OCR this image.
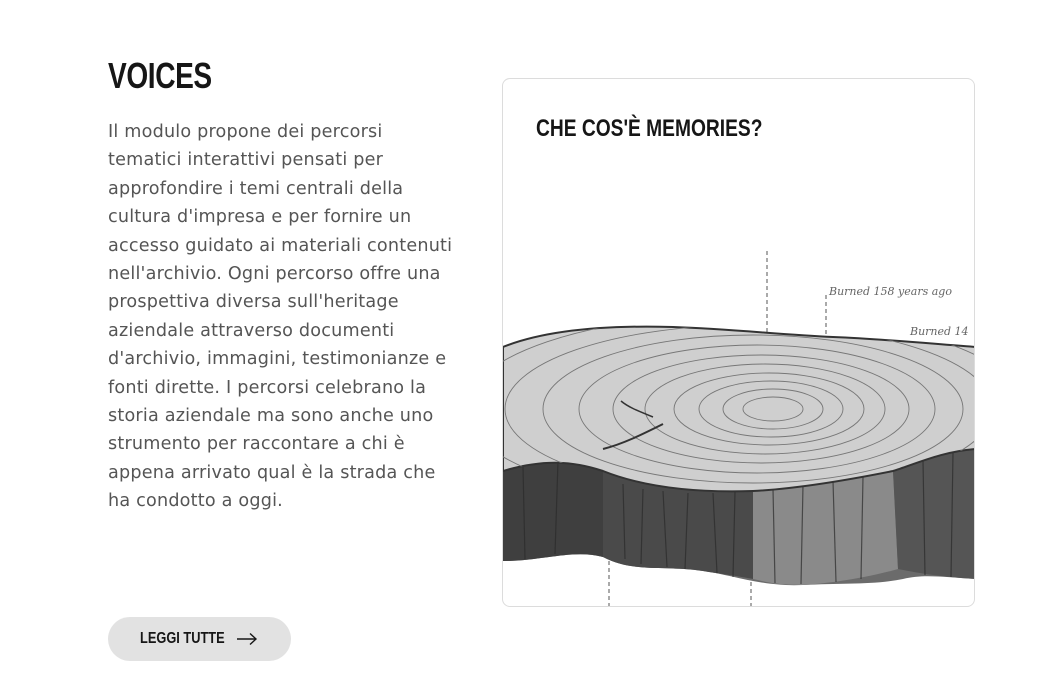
VOICES

Il modulo propone dei percorsi tematici interattivi pensati per approfondire i temi centrali della cultura d'impresa e per fornire un accesso guidato ai materiali contenuti nell'archivio. Ogni percorso offre una prospettiva diversa sull'heritage aziendale attraverso documenti d'archivio, immagini, testimonianze e fonti dirette. I percorsi celebrano la storia aziendale ma sono anche uno strumento per raccontare a chi è appena arrivato qual è la strada che ha condotto a oggi.

LEGGI TUTTE
CHE COS'È MEMORIES?
Burned 158 years ago
Burned 14
